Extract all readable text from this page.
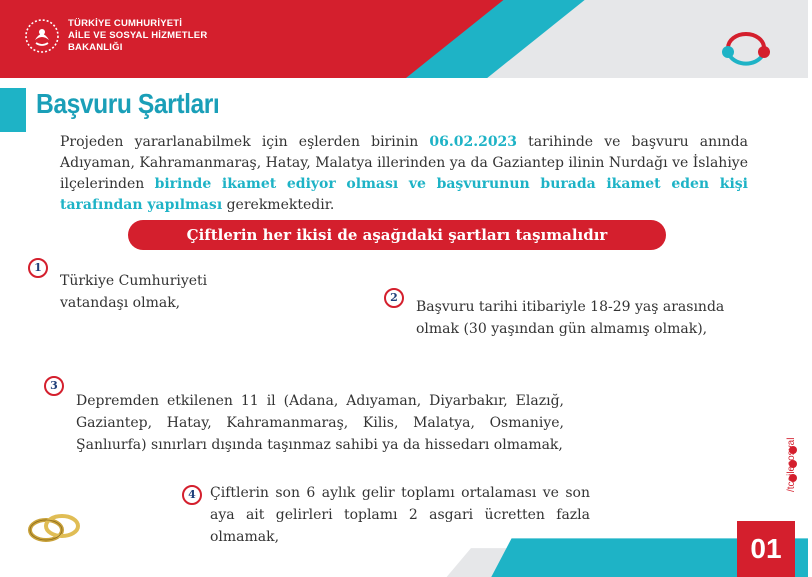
TÜRKİYE CUMHURİYETİ
AİLE VE SOSYAL HİZMETLER
BAKANLIĞI
Başvuru Şartları

Projeden yararlanabilmek için eşlerden birinin 06.02.2023 tarihinde ve başvuru anında Adıyaman, Kahramanmaraş, Hatay, Malatya illerinden ya da Gaziantep ilinin Nurdağı ve İslahiye ilçelerinden birinde ikamet ediyor olması ve başvurunun burada ikamet eden kişi tarafından yapılması gerekmektedir.

Çiftlerin her ikisi de aşağıdaki şartları taşımalıdır
1
Türkiye Cumhuriyeti vatandaşı olmak,	2
Başvuru tarihi itibariyle 18-29 yaş arasında olmak (30 yaşından gün almamış olmak),
3
Depremden etkilenen 11 il (Adana, Adıyaman, Diyarbakır, Elazığ, Gaziantep, Hatay, Kahramanmaraş, Kilis, Malatya, Osmaniye, Şanlıurfa) sınırları dışında taşınmaz sahibi ya da hissedarı olmamak,
4	Çiftlerin son 6 aylık gelir toplamı ortalaması ve son aya ait gelirleri toplamı 2 asgari ücretten fazla olmamak,
/tcailesosyal
01
